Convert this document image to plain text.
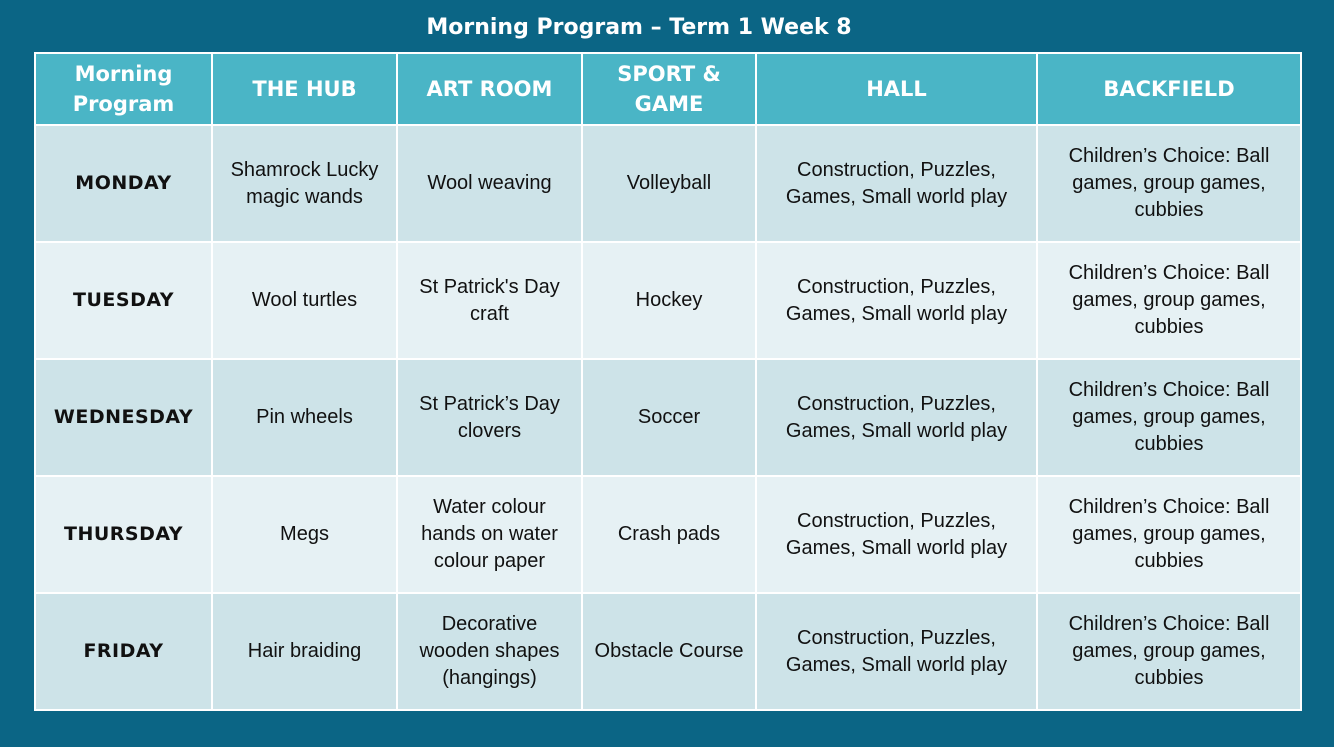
Morning Program – Term 1 Week 8
Morning Program	THE HUB	ART ROOM	SPORT & GAME	HALL	BACKFIELD
MONDAY	Shamrock Lucky magic wands	Wool weaving	Volleyball	Construction, Puzzles, Games, Small world play	Children’s Choice: Ball games, group games, cubbies
TUESDAY	Wool turtles	St Patrick's Day craft	Hockey	Construction, Puzzles, Games, Small world play	Children’s Choice: Ball games, group games, cubbies
WEDNESDAY	Pin wheels	St Patrick’s Day clovers	Soccer	Construction, Puzzles, Games, Small world play	Children’s Choice: Ball games, group games, cubbies
THURSDAY	Megs	Water colour hands on water colour paper	Crash pads	Construction, Puzzles, Games, Small world play	Children’s Choice: Ball games, group games, cubbies
FRIDAY	Hair braiding	Decorative wooden shapes (hangings)	Obstacle Course	Construction, Puzzles, Games, Small world play	Children’s Choice: Ball games, group games, cubbies
